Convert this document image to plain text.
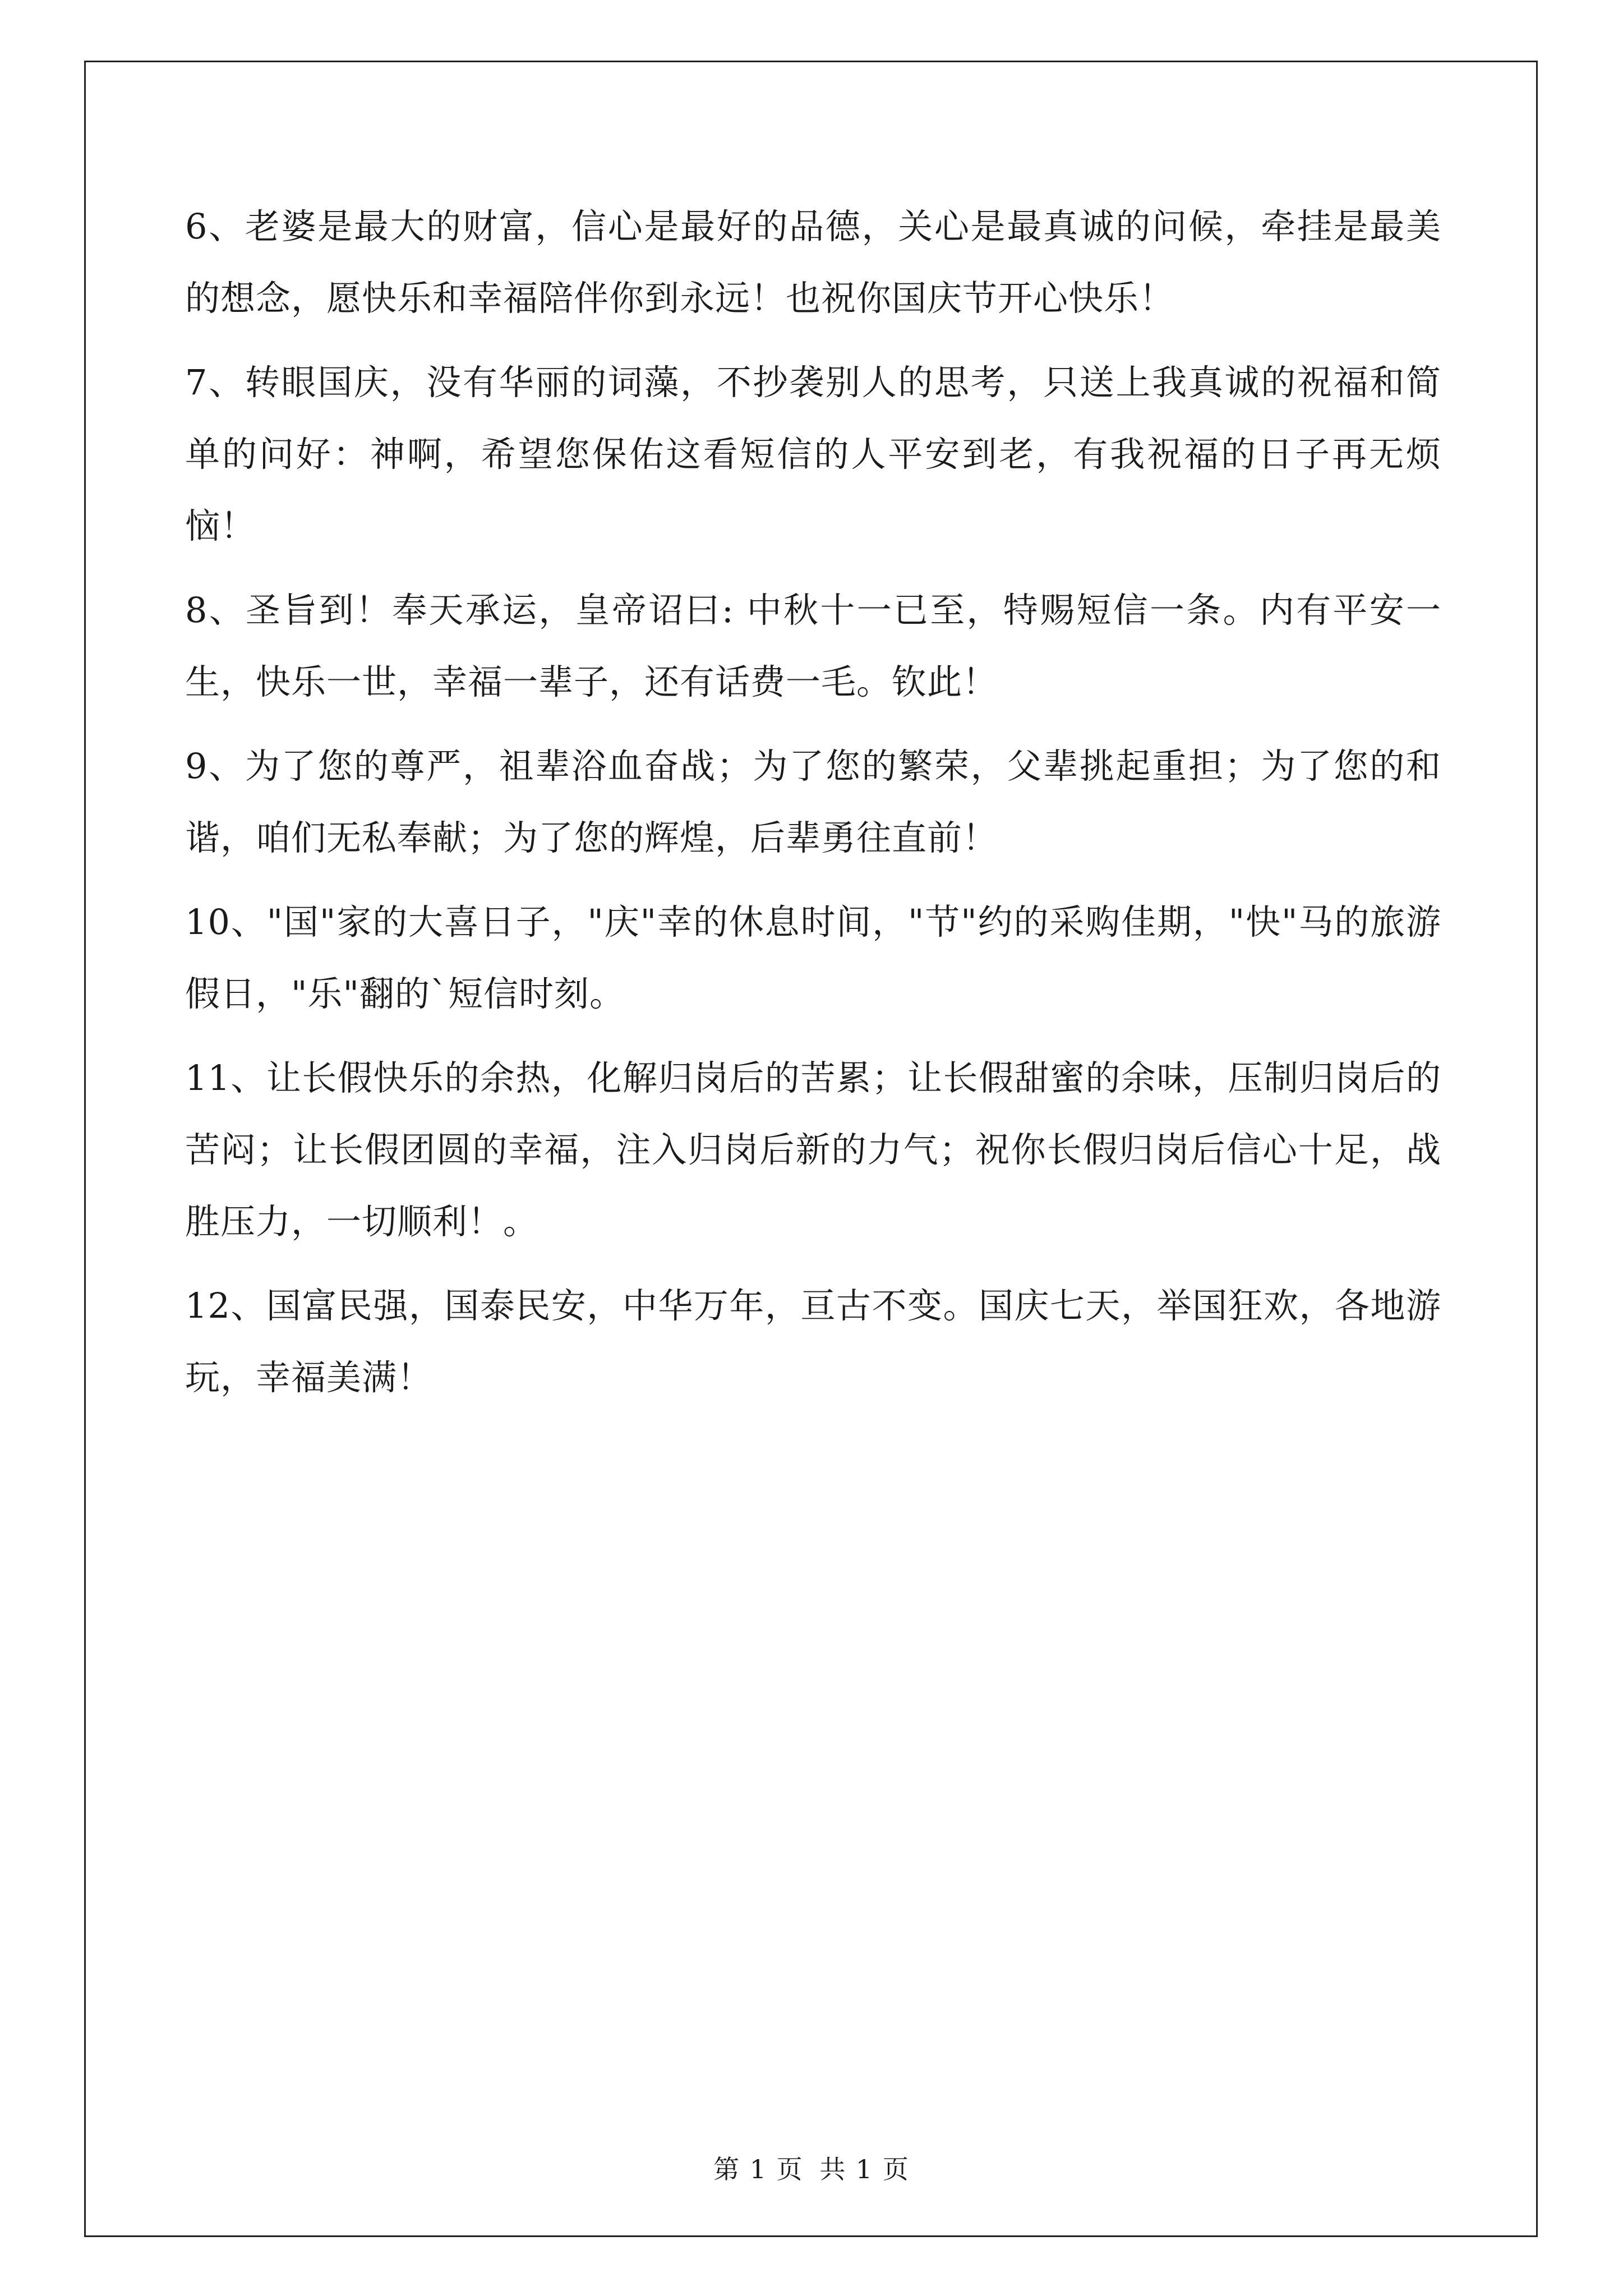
6、老婆是最大的财富，信心是最好的品德，关心是最真诚的问候，牵挂是最美的想念，愿快乐和幸福陪伴你到永远！也祝你国庆节开心快乐！

7、转眼国庆，没有华丽的词藻，不抄袭别人的思考，只送上我真诚的祝福和简单的问好：神啊，希望您保佑这看短信的人平安到老，有我祝福的日子再无烦恼！

8、圣旨到！奉天承运，皇帝诏曰: 中秋十一已至，特赐短信一条。内有平安一生，快乐一世，幸福一辈子，还有话费一毛。钦此！

9、为了您的尊严，祖辈浴血奋战；为了您的繁荣，父辈挑起重担；为了您的和谐，咱们无私奉献；为了您的辉煌，后辈勇往直前！

10、"国"家的大喜日子，"庆"幸的休息时间，"节"约的采购佳期，"快"马的旅游假日，"乐"翻的`短信时刻。

11、让长假快乐的余热，化解归岗后的苦累；让长假甜蜜的余味，压制归岗后的苦闷；让长假团圆的幸福，注入归岗后新的力气；祝你长假归岗后信心十足，战胜压力，一切顺利！。

12、国富民强，国泰民安，中华万年，亘古不变。国庆七天，举国狂欢，各地游玩，幸福美满！

第 1 页 共 1 页
